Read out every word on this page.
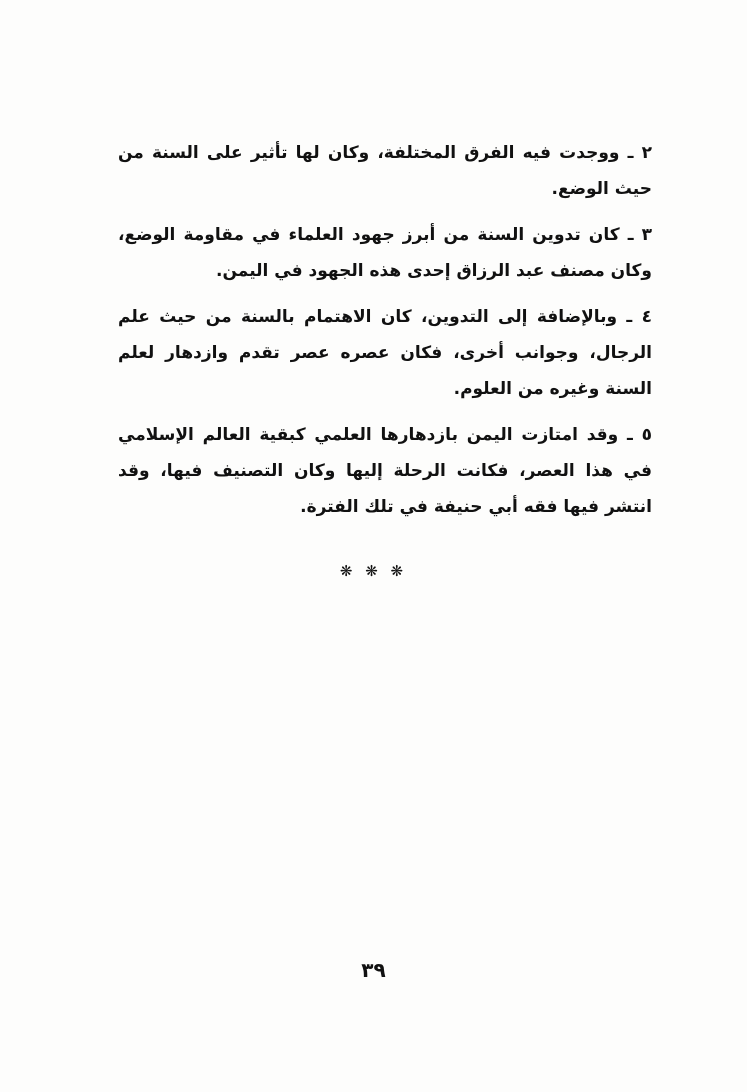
٢ ـ ووجدت فيه الفرق المختلفة، وكان لها تأثير على السنة من حيث الوضع.

٣ ـ كان تدوين السنة من أبرز جهود العلماء في مقاومة الوضع، وكان مصنف عبد الرزاق إحدى هذه الجهود في اليمن.

٤ ـ وبالإضافة إلى التدوين، كان الاهتمام بالسنة من حيث علم الرجال، وجوانب أخرى، فكان عصره عصر تقدم وازدهار لعلم السنة وغيره من العلوم.

٥ ـ وقد امتازت اليمن بازدهارها العلمي كبقية العالم الإسلامي في هذا العصر، فكانت الرحلة إليها وكان التصنيف فيها، وقد انتشر فيها فقه أبي حنيفة في تلك الفترة.

❋ ❋ ❋
٣٩
